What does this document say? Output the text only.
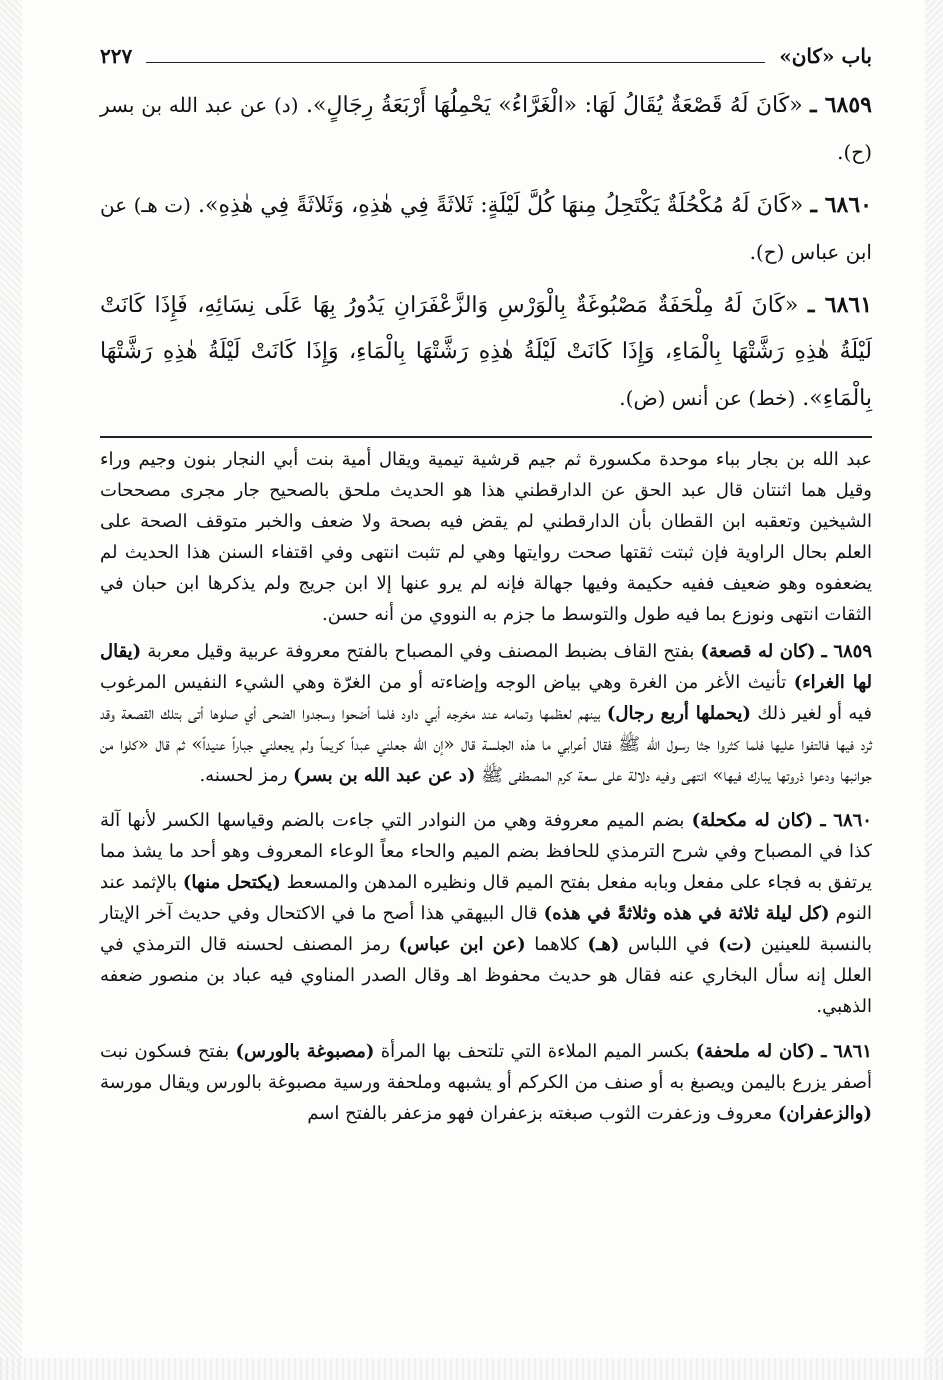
باب «كان»
٢٢٧

٦٨٥٩ ـ «كَانَ لَهُ قَصْعَةٌ يُقَالُ لَهَا: «الْغَرَّاءُ» يَحْمِلُهَا أَرْبَعَةُ رِجَالٍ». (د) عن عبد الله بن بسر (ح).

٦٨٦٠ ـ «كَانَ لَهُ مُكْحُلَةٌ يَكْتَحِلُ مِنهَا كُلَّ لَيْلَةٍ: ثَلاثَةً فِي هٰذِهِ، وَثَلاثَةً فِي هٰذِهِ». (ت هـ) عن ابن عباس (ح).

٦٨٦١ ـ «كَانَ لَهُ مِلْحَفَةٌ مَصْبُوغَةٌ بِالْوَرْسِ وَالزَّعْفَرَانِ يَدُورُ بِهَا عَلَى نِسَائِهِ، فَإِذَا كَانَتْ لَيْلَةُ هٰذِهِ رَشَّتْهَا بِالْمَاءِ، وَإِذَا كَانَتْ لَيْلَةُ هٰذِهِ رَشَّتْهَا بِالْمَاءِ، وَإِذَا كَانَتْ لَيْلَةُ هٰذِهِ رَشَّتْهَا بِالْمَاءِ». (خط) عن أنس (ض).

عبد الله بن بجار بباء موحدة مكسورة ثم جيم قرشية تيمية ويقال أمية بنت أبي النجار بنون وجيم وراء وقيل هما اثنتان قال عبد الحق عن الدارقطني هذا هو الحديث ملحق بالصحيح جار مجرى مصححات الشيخين وتعقبه ابن القطان بأن الدارقطني لم يقض فيه بصحة ولا ضعف والخبر متوقف الصحة على العلم بحال الراوية فإن ثبتت ثقتها صحت روايتها وهي لم تثبت انتهى وفي اقتفاء السنن هذا الحديث لم يضعفوه وهو ضعيف ففيه حكيمة وفيها جهالة فإنه لم يرو عنها إلا ابن جريج ولم يذكرها ابن حبان في الثقات انتهى ونوزع بما فيه طول والتوسط ما جزم به النووي من أنه حسن.

٦٨٥٩ ـ (كان له قصعة) بفتح القاف بضبط المصنف وفي المصباح بالفتح معروفة عربية وقيل معربة (يقال لها الغراء) تأنيث الأغر من الغرة وهي بياض الوجه وإضاءته أو من الغرّة وهي الشيء النفيس المرغوب فيه أو لغير ذلك (يحملها أربع رجال) بينهم لعظمها وتمامه عند مخرجه أبي داود فلما أضحوا وسجدوا الضحى أي صلوها أتى بتلك القصعة وقد ثرد فيها فالتفوا عليها فلما كثروا جثا رسول الله ﷺ فقال أعرابي ما هذه الجلسة قال «إن الله جعلني عبداً كريماً ولم يجعلني جباراً عنيداً» ثم قال «كلوا من جوانبها ودعوا ذروتها يبارك فيها» انتهى وفيه دلالة على سعة كرم المصطفى ﷺ (د عن عبد الله بن بسر) رمز لحسنه.

٦٨٦٠ ـ (كان له مكحلة) بضم الميم معروفة وهي من النوادر التي جاءت بالضم وقياسها الكسر لأنها آلة كذا في المصباح وفي شرح الترمذي للحافظ بضم الميم والحاء معاً الوعاء المعروف وهو أحد ما يشذ مما يرتفق به فجاء على مفعل وبابه مفعل بفتح الميم قال ونظيره المدهن والمسعط (يكتحل منها) بالإثمد عند النوم (كل ليلة ثلاثة في هذه وثلاثةً في هذه) قال البيهقي هذا أصح ما في الاكتحال وفي حديث آخر الإيتار بالنسبة للعينين (ت) في اللباس (هـ) كلاهما (عن ابن عباس) رمز المصنف لحسنه قال الترمذي في العلل إنه سأل البخاري عنه فقال هو حديث محفوظ اهـ وقال الصدر المناوي فيه عباد بن منصور ضعفه الذهبي.

٦٨٦١ ـ (كان له ملحفة) بكسر الميم الملاءة التي تلتحف بها المرأة (مصبوغة بالورس) بفتح فسكون نبت أصفر يزرع باليمن ويصبغ به أو صنف من الكركم أو يشبهه وملحفة ورسية مصبوغة بالورس ويقال مورسة (والزعفران) معروف وزعفرت الثوب صبغته بزعفران فهو مزعفر بالفتح اسم
